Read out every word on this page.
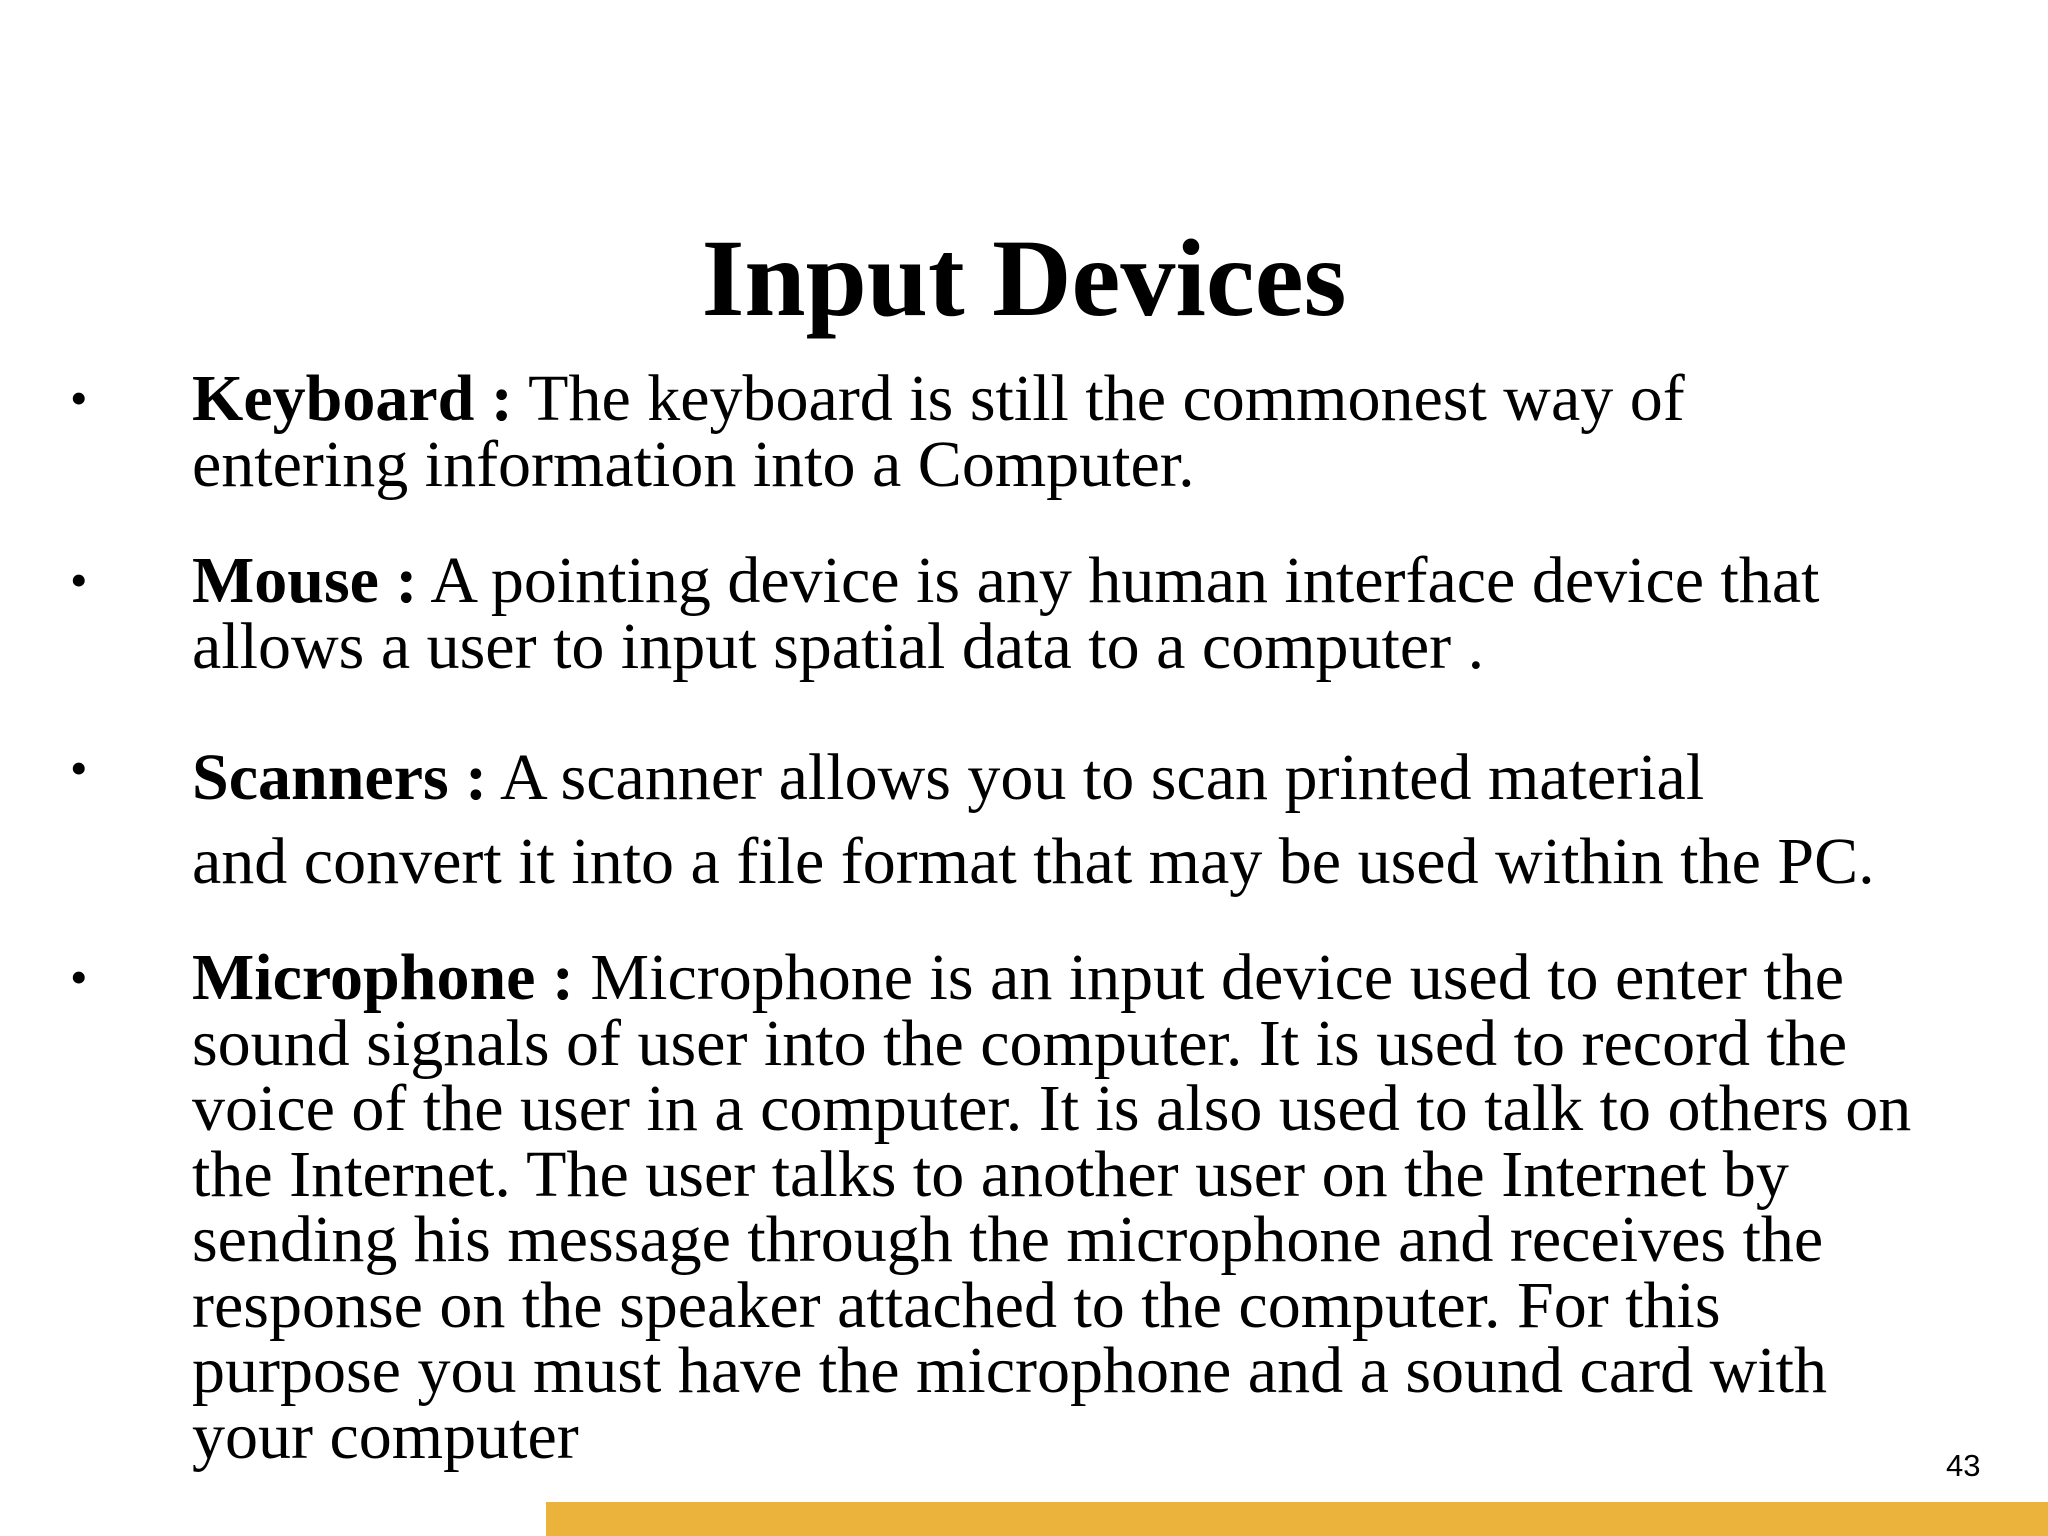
Input Devices
• Keyboard : The keyboard is still the commonest way of
entering information into a Computer.
• Mouse : A pointing device is any human interface device that
allows a user to input spatial data to a computer .
• Scanners : A scanner allows you to scan printed material
and convert it into a file format that may be used within the PC.
• Microphone : Microphone is an input device used to enter the
sound signals of user into the computer. It is used to record the
voice of the user in a computer. It is also used to talk to others on
the Internet. The user talks to another user on the Internet by
sending his message through the microphone and receives the
response on the speaker attached to the computer. For this
purpose you must have the microphone and a sound card with
your computer	43
